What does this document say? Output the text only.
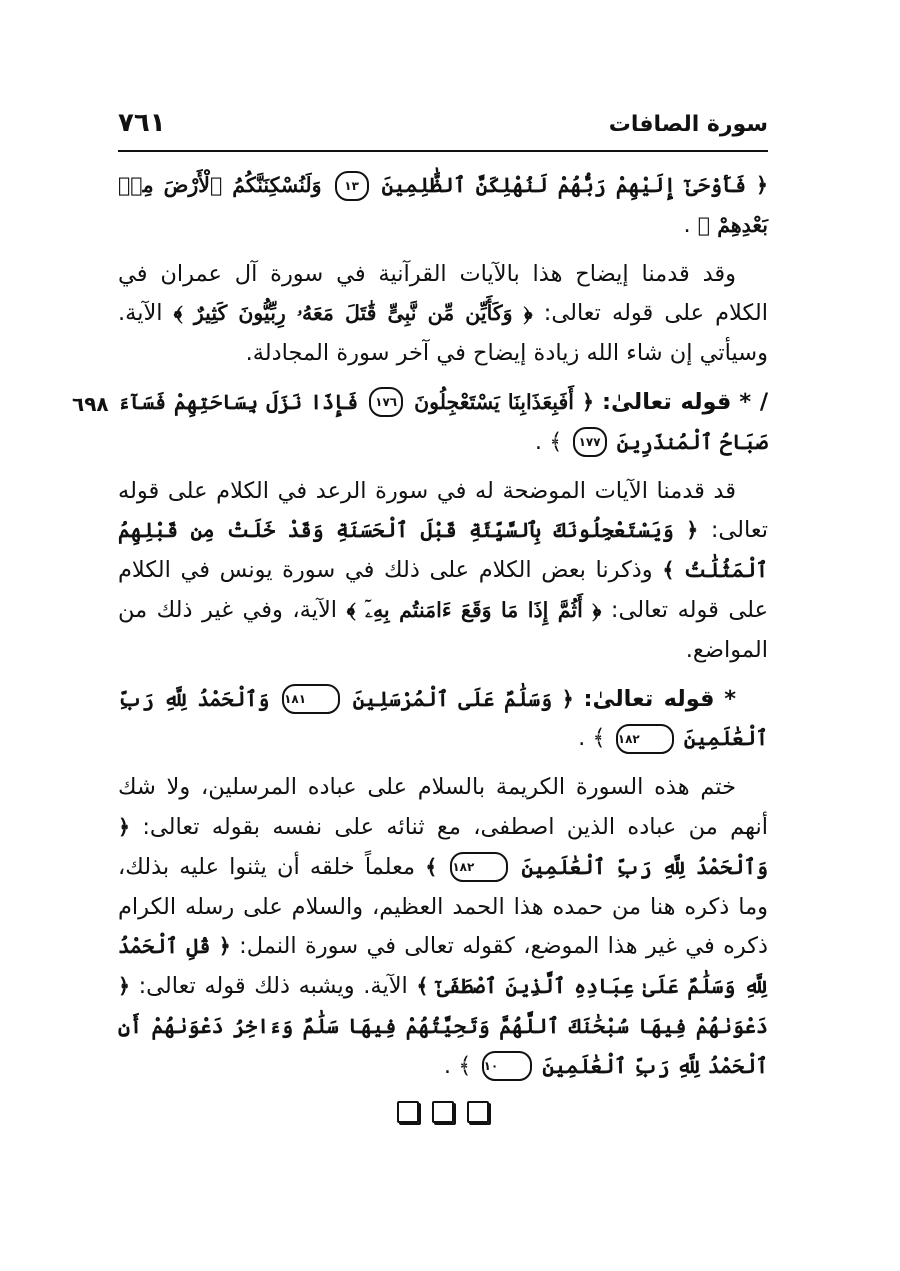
سورة الصافات
٧٦١

﴿ فَأَوْحَىٰٓ إِلَيْهِمْ رَبُّهُمْ لَنُهْلِكَنَّ ٱلظَّٰلِمِينَ ١٣ وَلَنُسْكِنَنَّكُمُ ٱلْأَرْضَ مِنۢ بَعْدِهِمْ ﴾ .

وقد قدمنا إيضاح هذا بالآيات القرآنية في سورة آل عمران في الكلام على قوله تعالى: ﴿ وَكَأَيِّن مِّن نَّبِىٍّ قَٰتَلَ مَعَهُۥ رِبِّيُّونَ كَثِيرٌ ﴾ الآية. وسيأتي إن شاء الله زيادة إيضاح في آخر سورة المجادلة.

٦٩٨	/ * قوله تعالىٰ: ﴿ أَفَبِعَذَابِنَا يَسْتَعْجِلُونَ ١٧٦ فَإِذَا نَزَلَ بِسَاحَتِهِمْ فَسَآءَ صَبَاحُ ٱلْمُنذَرِينَ ١٧٧ ﴾ .

قد قدمنا الآيات الموضحة له في سورة الرعد في الكلام على قوله تعالى: ﴿ وَيَسْتَعْجِلُونَكَ بِٱلسَّيِّئَةِ قَبْلَ ٱلْحَسَنَةِ وَقَدْ خَلَتْ مِن قَبْلِهِمُ ٱلْمَثُلَٰتُ ﴾ وذكرنا بعض الكلام على ذلك في سورة يونس في الكلام على قوله تعالى: ﴿ أَثُمَّ إِذَا مَا وَقَعَ ءَامَنتُم بِهِۦٓ ﴾ الآية، وفي غير ذلك من المواضع.

* قوله تعالىٰ: ﴿ وَسَلَٰمٌ عَلَى ٱلْمُرْسَلِينَ ١٨١ وَٱلْحَمْدُ لِلَّهِ رَبِّ ٱلْعَٰلَمِينَ ١٨٢ ﴾ .

ختم هذه السورة الكريمة بالسلام على عباده المرسلين، ولا شك أنهم من عباده الذين اصطفى، مع ثنائه على نفسه بقوله تعالى: ﴿ وَٱلْحَمْدُ لِلَّهِ رَبِّ ٱلْعَٰلَمِينَ ١٨٢ ﴾ معلماً خلقه أن يثنوا عليه بذلك، وما ذكره هنا من حمده هذا الحمد العظيم، والسلام على رسله الكرام ذكره في غير هذا الموضع، كقوله تعالى في سورة النمل: ﴿ قُلِ ٱلْحَمْدُ لِلَّهِ وَسَلَٰمٌ عَلَىٰ عِبَادِهِ ٱلَّذِينَ ٱصْطَفَىٰٓ ﴾ الآية. ويشبه ذلك قوله تعالى: ﴿ دَعْوَىٰهُمْ فِيهَا سُبْحَٰنَكَ ٱللَّهُمَّ وَتَحِيَّتُهُمْ فِيهَا سَلَٰمٌ وَءَاخِرُ دَعْوَىٰهُمْ أَنِ ٱلْحَمْدُ لِلَّهِ رَبِّ ٱلْعَٰلَمِينَ ١٠ ﴾ .
